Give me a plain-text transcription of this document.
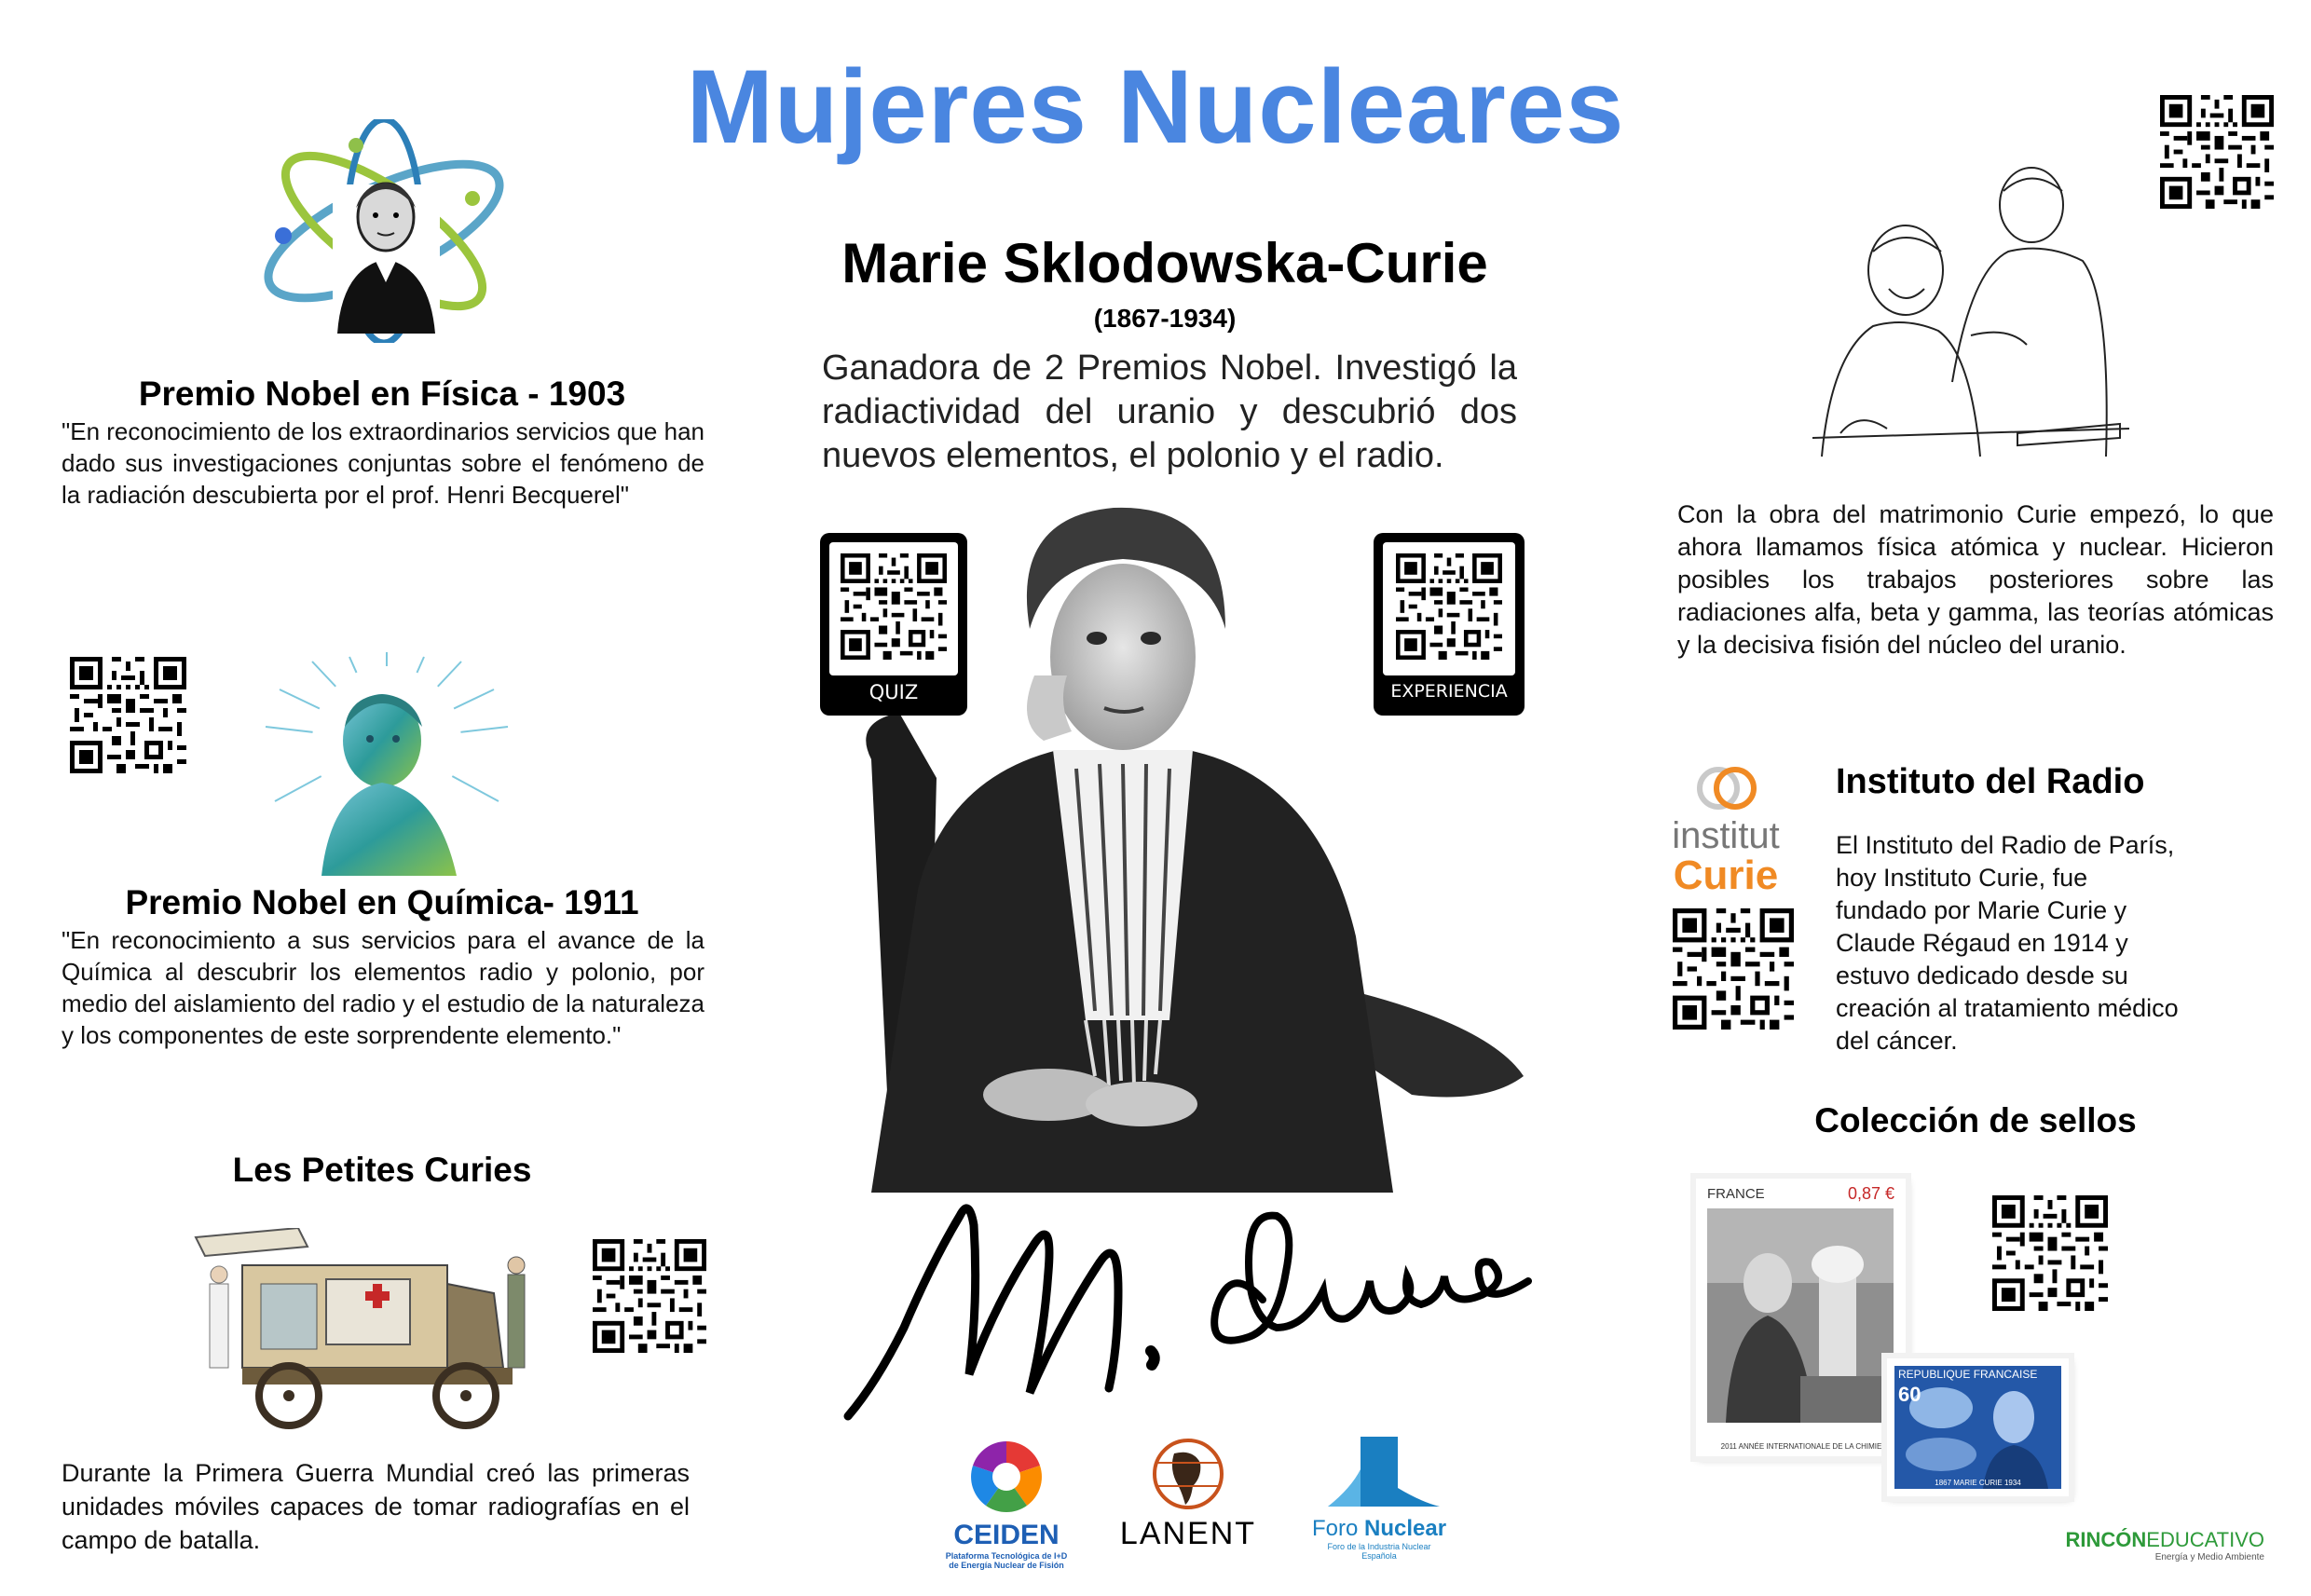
Mujeres Nucleares
Premio Nobel en Física - 1903
"En reconocimiento de los extraordinarios servicios que han dado sus investigaciones conjuntas sobre el fenómeno de la radiación descubierta por el prof. Henri Becquerel"
Premio Nobel en Química- 1911
"En reconocimiento a sus servicios para el avance de la Química al descubrir los elementos radio y polonio, por medio del aislamiento del radio y el estudio de la naturaleza y los componentes de este sorprendente elemento."
Les Petites Curies
Durante la Primera Guerra Mundial creó las primeras unidades móviles capaces de tomar radiografías en el campo de batalla.
Marie Sklodowska-Curie
(1867-1934)
Ganadora de 2 Premios Nobel. Investigó la radiactividad del uranio y descubrió dos nuevos elementos, el polonio y el radio.
QUIZ	EXPERIENCIA
CEIDEN
Plataforma Tecnológica de I+D
de Energía Nuclear de Fisión
LANENT Foro Nuclear
Foro de la Industria Nuclear Española
Con la obra del matrimonio Curie empezó, lo que ahora llamamos física atómica y nuclear. Hicieron posibles los trabajos posteriores sobre las radiaciones alfa, beta y gamma, las teorías atómicas y la decisiva fisión del núcleo del uranio.
institut
Curie
Instituto del Radio
El Instituto del Radio de París, hoy Instituto Curie, fue fundado por Marie Curie y Claude Régaud en 1914 y estuvo dedicado desde su creación al tratamiento médico del cáncer.
Colección de sellos
FRANCE	0,87 €
2011 ANNÉE INTERNATIONALE DE LA CHIMIE
REPUBLIQUE FRANCAISE
60
1867 MARIE CURIE 1934
RINCÓNEDUCATIVO
Energía y Medio Ambiente
